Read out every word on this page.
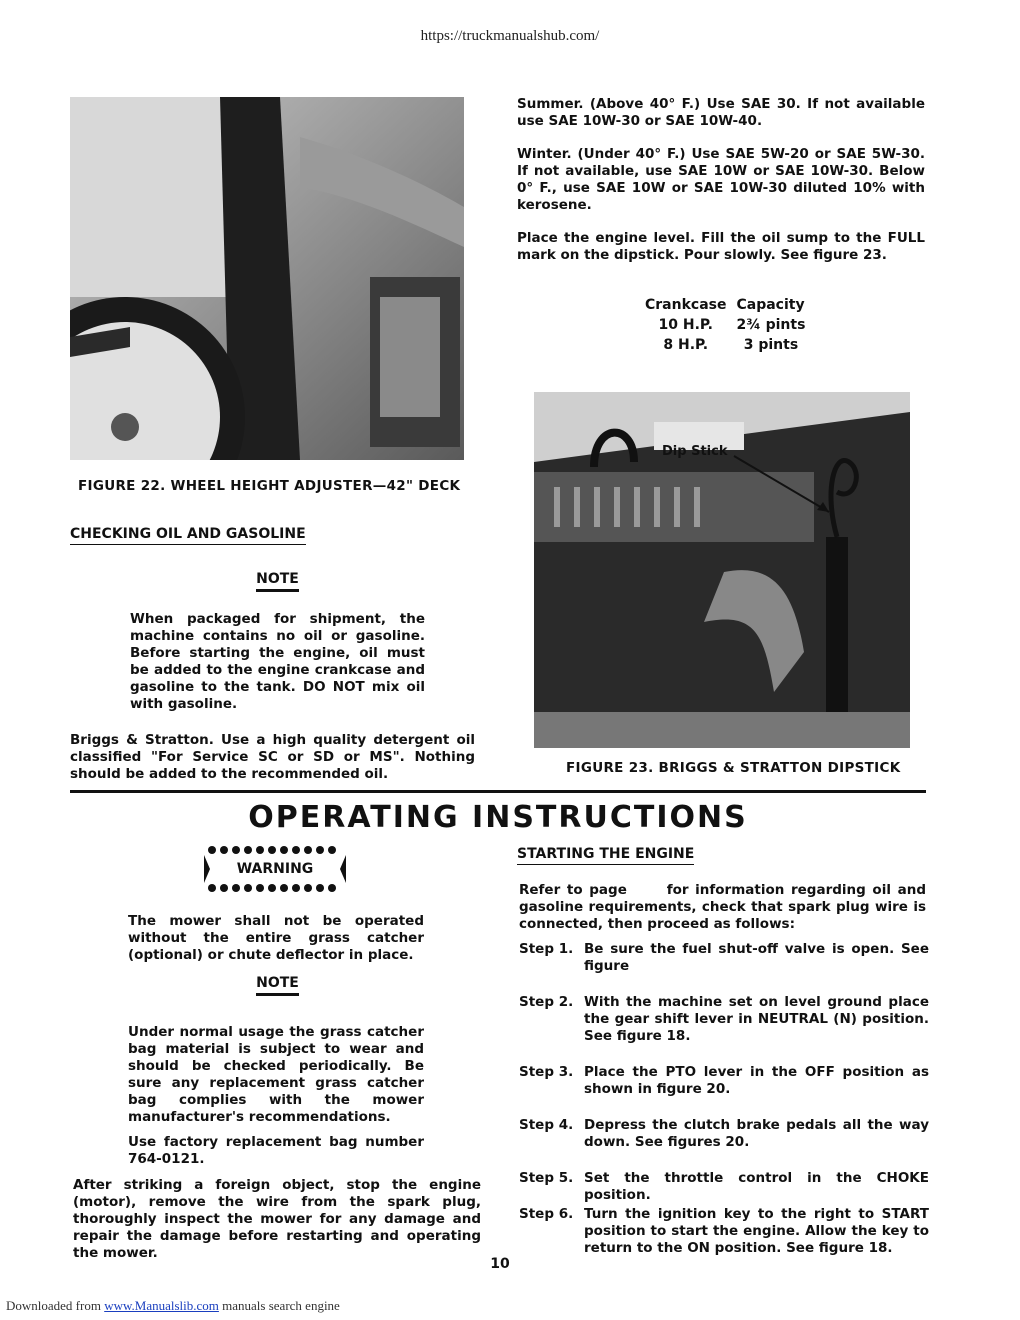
https://truckmanualshub.com/
FIGURE 22. WHEEL HEIGHT ADJUSTER—42" DECK
CHECKING OIL AND GASOLINE
NOTE
When packaged for shipment, the machine contains no oil or gasoline. Before starting the engine, oil must be added to the engine crankcase and gasoline to the tank. DO NOT mix oil with gasoline.
Briggs & Stratton. Use a high quality detergent oil classified "For Service SC or SD or MS". Nothing should be added to the recommended oil.
Summer. (Above 40° F.) Use SAE 30. If not available use SAE 10W-30 or SAE 10W-40.
Winter. (Under 40° F.) Use SAE 5W-20 or SAE 5W-30. If not available, use SAE 10W or SAE 10W-30. Below 0° F., use SAE 10W or SAE 10W-30 diluted 10% with kerosene.
Place the engine level. Fill the oil sump to the FULL mark on the dipstick. Pour slowly. See figure 23.
Crankcase	Capacity
10 H.P.	2¾ pints
8 H.P.	3 pints
Dip Stick
FIGURE 23. BRIGGS & STRATTON DIPSTICK
OPERATING INSTRUCTIONS
WARNING
The mower shall not be operated without the entire grass catcher (optional) or chute deflector in place.
NOTE
Under normal usage the grass catcher bag material is subject to wear and should be checked periodically. Be sure any replacement grass catcher bag complies with the mower manufacturer's recommendations.
Use factory replacement bag number 764-0121.
After striking a foreign object, stop the engine (motor), remove the wire from the spark plug, thoroughly inspect the mower for any damage and repair the damage before restarting and operating the mower.
STARTING THE ENGINE
Refer to page      for information regarding oil and gasoline requirements, check that spark plug wire is connected, then proceed as follows:
Step 1. Be sure the fuel shut-off valve is open. See figure
Step 2. With the machine set on level ground place the gear shift lever in NEUTRAL (N) position. See figure 18.
Step 3. Place the PTO lever in the OFF position as shown in figure 20.
Step 4. Depress the clutch brake pedals all the way down. See figures 20.
Step 5. Set the throttle control in the CHOKE position.
Step 6. Turn the ignition key to the right to START position to start the engine. Allow the key to return to the ON position. See figure 18.
10
Downloaded from www.Manualslib.com manuals search engine
